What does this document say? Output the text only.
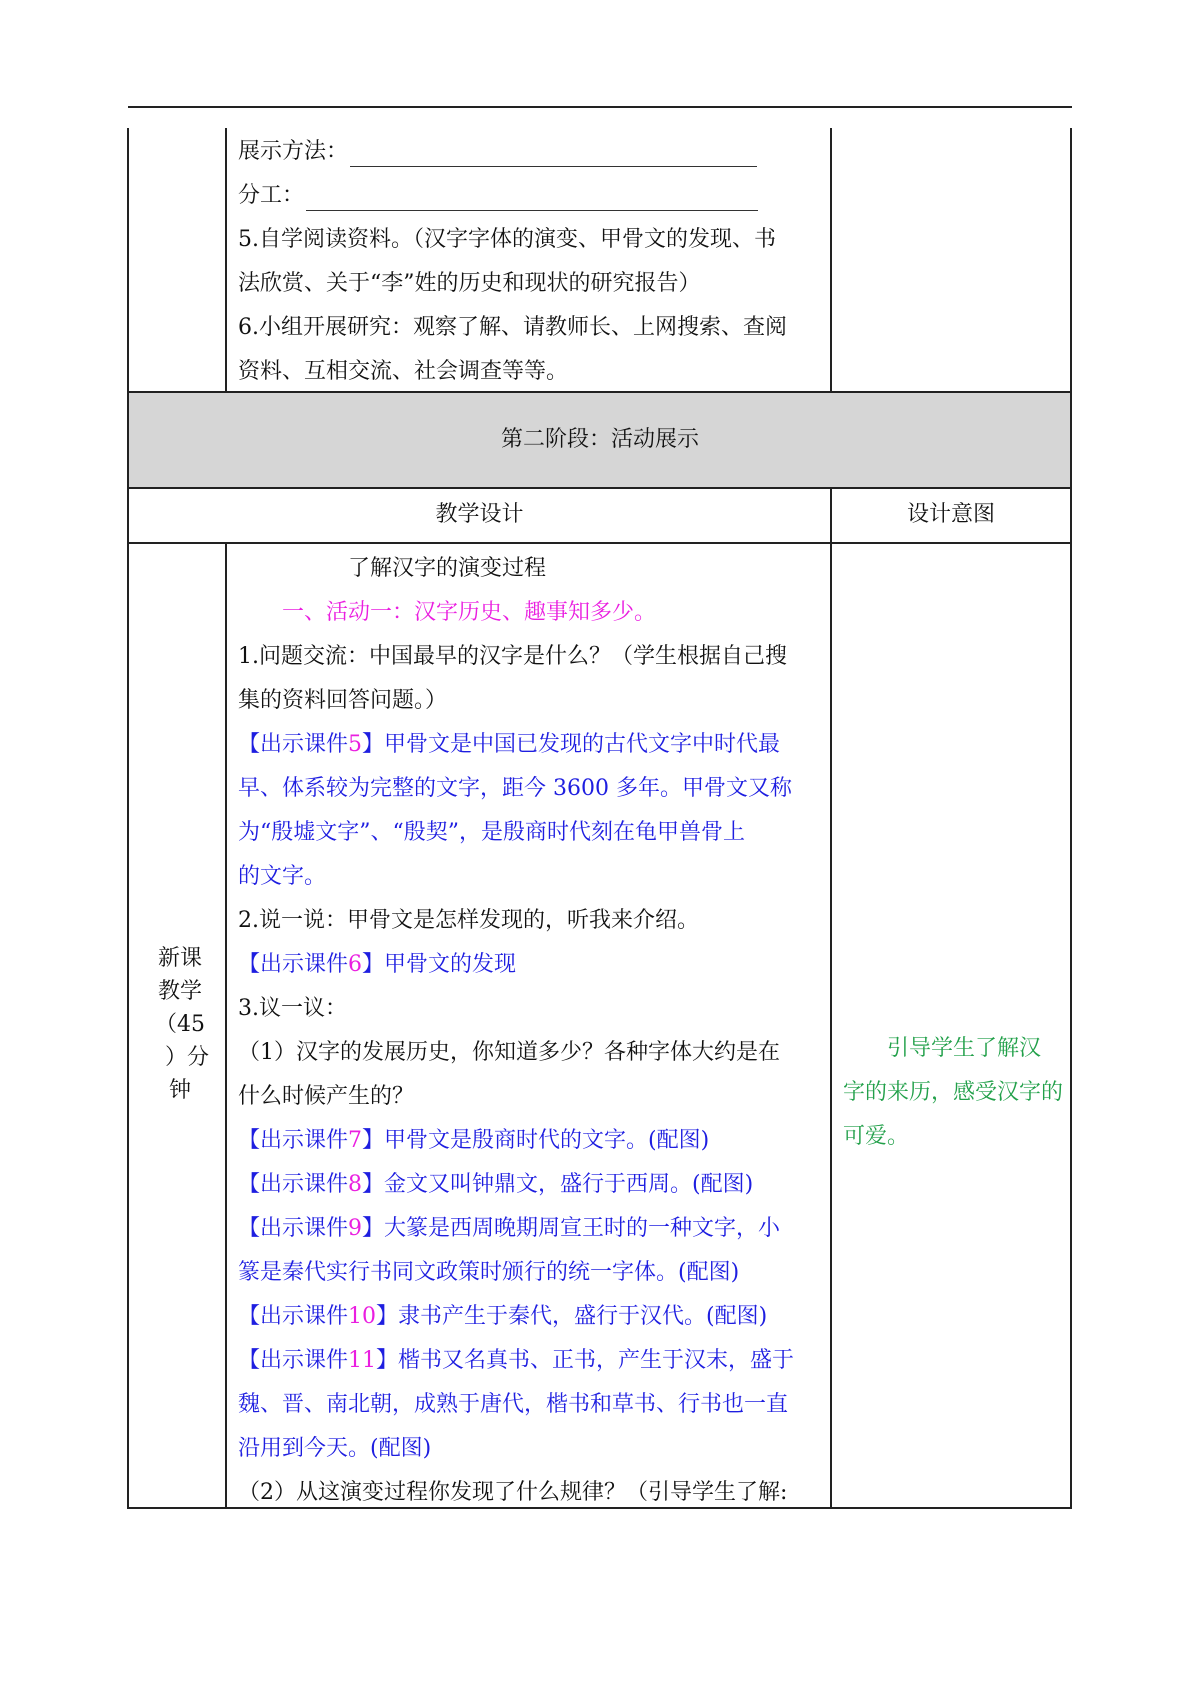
展示方法：
分工：
5.自学阅读资料。（汉字字体的演变、甲骨文的发现、书
法欣赏、关于“李”姓的历史和现状的研究报告）
6.小组开展研究：观察了解、请教师长、上网搜索、查阅
资料、互相交流、社会调查等等。
第二阶段：活动展示
教学设计	设计意图
新课
教学
（45
）分
钟
了解汉字的演变过程
一、活动一：汉字历史、趣事知多少。
1.问题交流：中国最早的汉字是什么？（学生根据自己搜
集的资料回答问题。）
【出示课件5】甲骨文是中国已发现的古代文字中时代最
早、体系较为完整的文字，距今 3600 多年。甲骨文又称
为“殷墟文字”、“殷契”，是殷商时代刻在龟甲兽骨上
的文字。
2.说一说：甲骨文是怎样发现的，听我来介绍。
【出示课件6】甲骨文的发现
3.议一议：
（1）汉字的发展历史，你知道多少？各种字体大约是在
什么时候产生的？
【出示课件7】甲骨文是殷商时代的文字。(配图)
【出示课件8】金文又叫钟鼎文，盛行于西周。(配图)
【出示课件9】大篆是西周晚期周宣王时的一种文字，小
篆是秦代实行书同文政策时颁行的统一字体。(配图)
【出示课件10】隶书产生于秦代，盛行于汉代。(配图)
【出示课件11】楷书又名真书、正书，产生于汉末，盛于
魏、晋、南北朝，成熟于唐代，楷书和草书、行书也一直
沿用到今天。(配图)
（2）从这演变过程你发现了什么规律？（引导学生了解:
引导学生了解汉
字的来历，感受汉字的
可爱。
